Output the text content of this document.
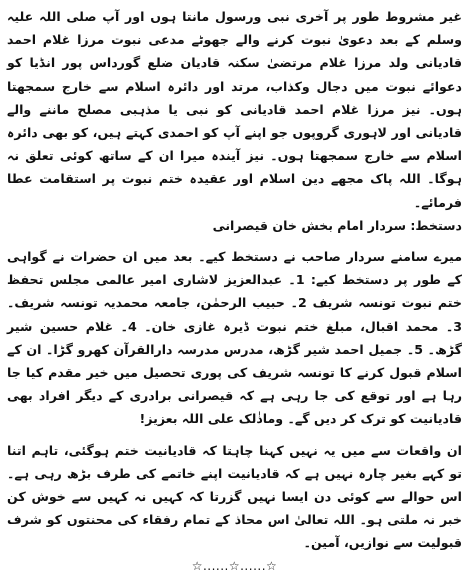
غیر مشروط طور پر آخری نبی ورسول مانتا ہوں اور آپ صلی اللہ علیہ وسلم کے بعد دعویٰ نبوت کرنے والے جھوٹے مدعی نبوت مرزا غلام احمد قادیانی ولد مرزا غلام مرتضیٰ سکنہ قادیان ضلع گورداس پور انڈیا کو دعوائے نبوت میں دجال وکذاب، مرتد اور دائرہ اسلام سے خارج سمجھتا ہوں۔ نیز مرزا غلام احمد قادیانی کو نبی یا مذہبی مصلح ماننے والے قادیانی اور لاہوری گروپوں جو اپنے آپ کو احمدی کہتے ہیں، کو بھی دائرہ اسلام سے خارج سمجھتا ہوں۔ نیز آیندہ میرا ان کے ساتھ کوئی تعلق نہ ہوگا۔ اللہ پاک مجھے دین اسلام اور عقیدہ ختم نبوت پر استقامت عطا فرمائے۔

دستخط: سردار امام بخش خان قیصرانی

میرے سامنے سردار صاحب نے دستخط کیے۔ بعد میں ان حضرات نے گواہی کے طور پر دستخط کیے: 1۔ عبدالعزیز لاشاری امیر عالمی مجلس تحفظ ختم نبوت تونسہ شریف 2۔ حبیب الرحمٰن، جامعہ محمدیہ تونسہ شریف۔ 3۔ محمد اقبال، مبلغ ختم نبوت ڈیرہ غازی خان۔ 4۔ غلام حسین شیر گڑھ۔ 5۔ جمیل احمد شیر گڑھ، مدرس مدرسہ دارالقرآن کھرو گڑا۔ ان کے اسلام قبول کرنے کا تونسہ شریف کی پوری تحصیل میں خیر مقدم کیا جا رہا ہے اور توقع کی جا رہی ہے کہ قیصرانی برادری کے دیگر افراد بھی قادیانیت کو ترک کر دیں گے۔ وماذٰلک علی اللہ بعزیز!

ان واقعات سے میں یہ نہیں کہنا چاہتا کہ قادیانیت ختم ہوگئی، تاہم اتنا تو کہے بغیر چارہ نہیں ہے کہ قادیانیت اپنے خاتمے کی طرف بڑھ رہی ہے۔ اس حوالے سے کوئی دن ایسا نہیں گزرتا کہ کہیں نہ کہیں سے خوش کن خبر نہ ملتی ہو۔ اللہ تعالیٰ اس محاذ کے تمام رفقاء کی محنتوں کو شرف قبولیت سے نوازیں، آمین۔

☆......☆......☆
